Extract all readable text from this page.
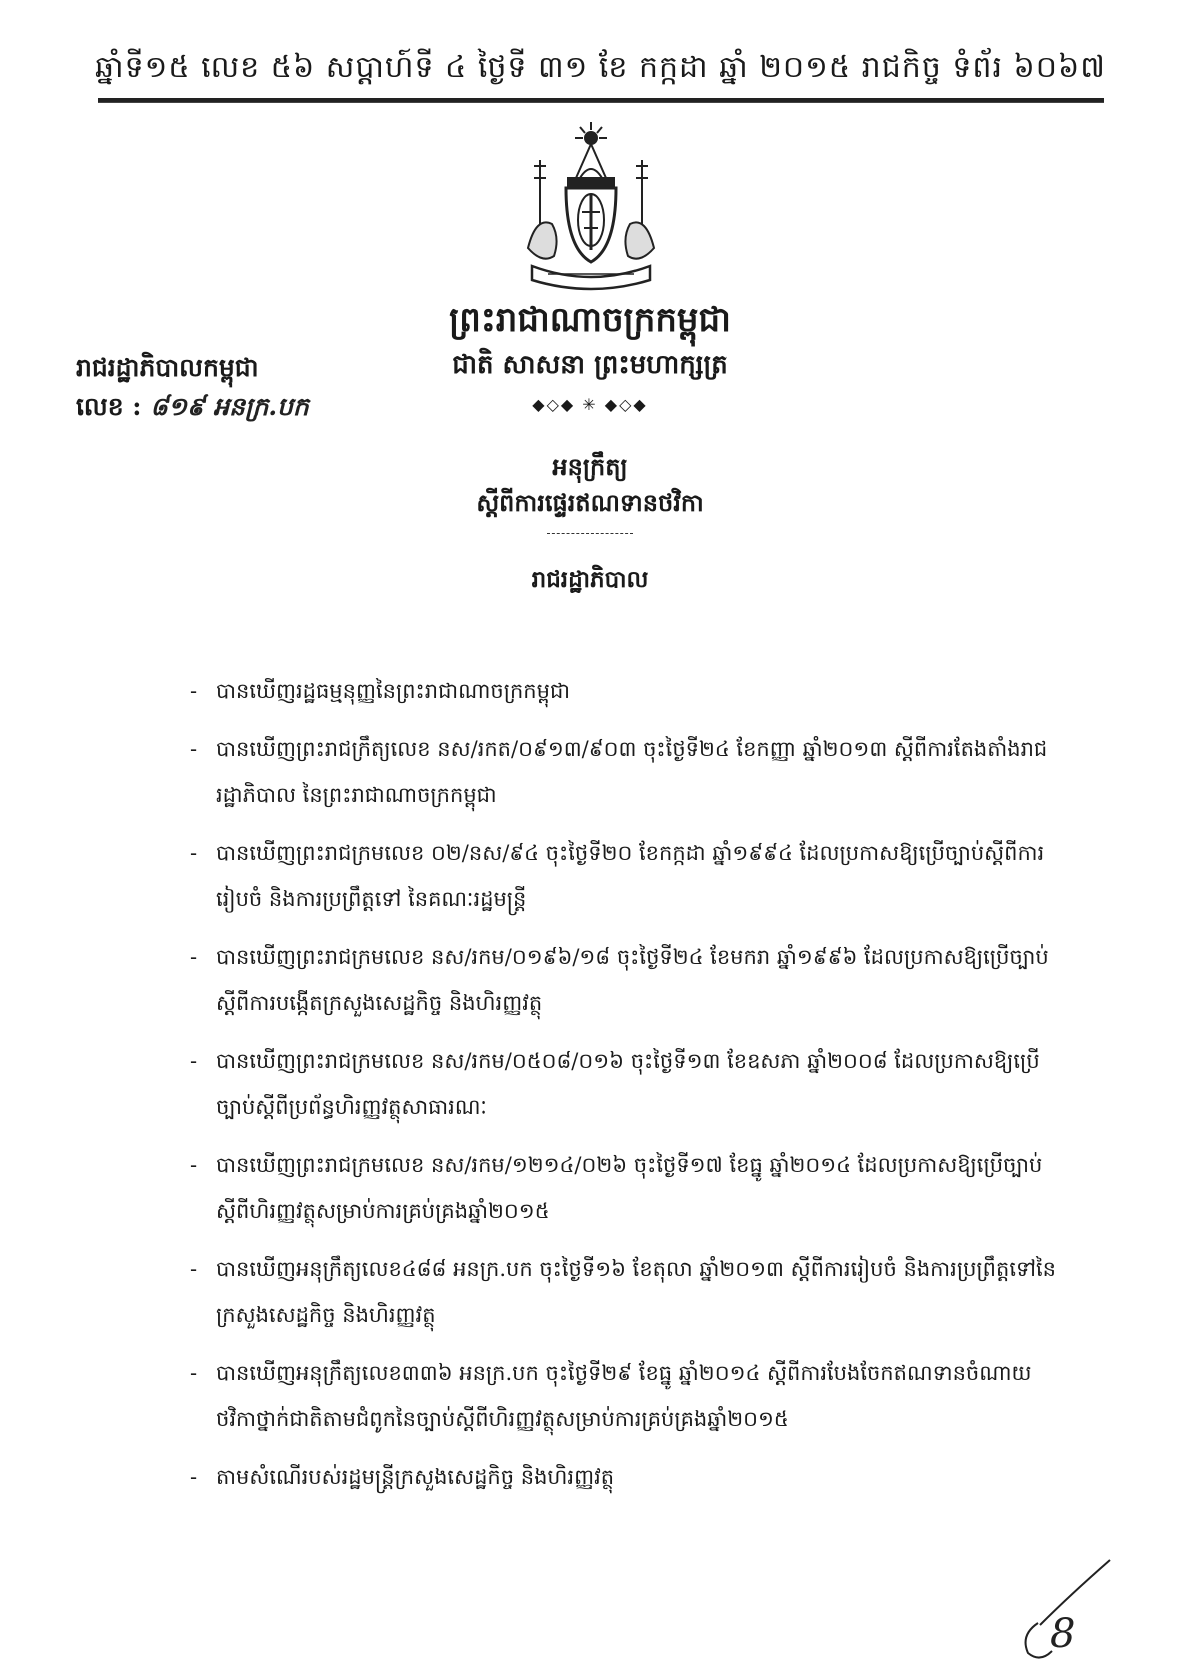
ឆ្នាំទី១៥ លេខ ៥៦ សប្តាហ៍ទី ៤ ថ្ងៃទី ៣១ ខែ កក្កដា ឆ្នាំ ២០១៥ រាជកិច្ច ទំព័រ ៦០៦៧
ព្រះរាជាណាចក្រកម្ពុជា
ជាតិ សាសនា ព្រះមហាក្សត្រ
◆◇◆ ✳ ◆◇◆
រាជរដ្ឋាភិបាលកម្ពុជា
លេខ : ៨១៩ អនក្រ.បក
អនុក្រឹត្យ
ស្តីពីការផ្ទេរឥណទានថវិកា
រាជរដ្ឋាភិបាល
- បានឃើញរដ្ឋធម្មនុញ្ញនៃព្រះរាជាណាចក្រកម្ពុជា
- បានឃើញព្រះរាជក្រឹត្យលេខ នស/រកត/០៩១៣/៩០៣ ចុះថ្ងៃទី២៤ ខែកញ្ញា ឆ្នាំ២០១៣ ស្តីពីការតែងតាំងរាជរដ្ឋាភិបាល នៃព្រះរាជាណាចក្រកម្ពុជា
- បានឃើញព្រះរាជក្រមលេខ ០២/នស/៩៤ ចុះថ្ងៃទី២០ ខែកក្កដា ឆ្នាំ១៩៩៤ ដែលប្រកាសឱ្យប្រើច្បាប់ស្តីពីការរៀបចំ និងការប្រព្រឹត្តទៅ នៃគណៈរដ្ឋមន្ត្រី
- បានឃើញព្រះរាជក្រមលេខ នស/រកម/០១៩៦/១៨ ចុះថ្ងៃទី២៤ ខែមករា ឆ្នាំ១៩៩៦ ដែលប្រកាសឱ្យប្រើច្បាប់ស្តីពីការបង្កើតក្រសួងសេដ្ឋកិច្ច និងហិរញ្ញវត្ថុ
- បានឃើញព្រះរាជក្រមលេខ នស/រកម/០៥០៨/០១៦ ចុះថ្ងៃទី១៣ ខែឧសភា ឆ្នាំ២០០៨ ដែលប្រកាសឱ្យប្រើច្បាប់ស្តីពីប្រព័ន្ធហិរញ្ញវត្ថុសាធារណៈ
- បានឃើញព្រះរាជក្រមលេខ នស/រកម/១២១៤/០២៦ ចុះថ្ងៃទី១៧ ខែធ្នូ ឆ្នាំ២០១៤ ដែលប្រកាសឱ្យប្រើច្បាប់ស្តីពីហិរញ្ញវត្ថុសម្រាប់ការគ្រប់គ្រងឆ្នាំ២០១៥
- បានឃើញអនុក្រឹត្យលេខ៤៨៨ អនក្រ.បក ចុះថ្ងៃទី១៦ ខែតុលា ឆ្នាំ២០១៣ ស្តីពីការរៀបចំ និងការប្រព្រឹត្តទៅនៃក្រសួងសេដ្ឋកិច្ច និងហិរញ្ញវត្ថុ
- បានឃើញអនុក្រឹត្យលេខ៣៣៦ អនក្រ.បក ចុះថ្ងៃទី២៩ ខែធ្នូ ឆ្នាំ២០១៤ ស្តីពីការបែងចែកឥណទានចំណាយថវិកាថ្នាក់ជាតិតាមជំពូកនៃច្បាប់ស្តីពីហិរញ្ញវត្ថុសម្រាប់ការគ្រប់គ្រងឆ្នាំ២០១៥
- តាមសំណើរបស់រដ្ឋមន្ត្រីក្រសួងសេដ្ឋកិច្ច និងហិរញ្ញវត្ថុ
8
